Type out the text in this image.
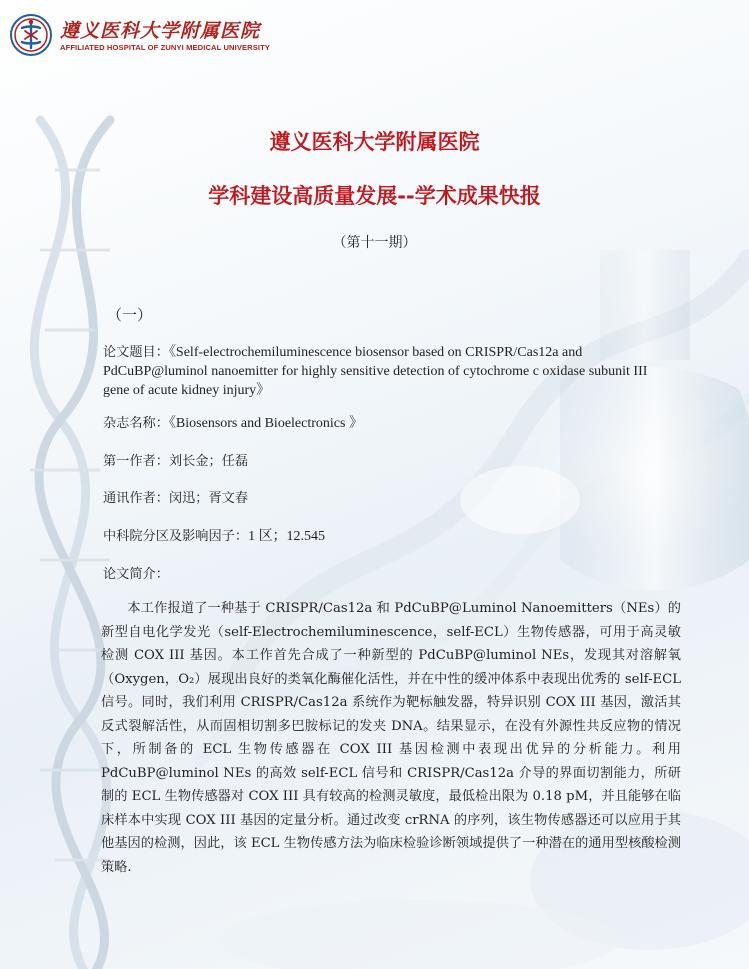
遵义医科大学附属医院
AFFILIATED HOSPITAL OF ZUNYI MEDICAL UNIVERSITY
遵义医科大学附属医院
学科建设高质量发展--学术成果快报
（第十一期）
（一）
论文题目：《Self-electrochemiluminescence biosensor based on CRISPR/Cas12a and PdCuBP@luminol nanoemitter for highly sensitive detection of cytochrome c oxidase subunit III gene of acute kidney injury》
杂志名称：《Biosensors and Bioelectronics 》
第一作者：刘长金；任磊
通讯作者：闵迅；胥文春
中科院分区及影响因子：1 区；12.545
论文简介：
本工作报道了一种基于 CRISPR/Cas12a 和 PdCuBP@Luminol Nanoemitters（NEs）的新型自电化学发光（self-Electrochemiluminescence，self-ECL）生物传感器，可用于高灵敏检测 COX III 基因。本工作首先合成了一种新型的 PdCuBP@luminol NEs，发现其对溶解氧（Oxygen，O₂）展现出良好的类氧化酶催化活性，并在中性的缓冲体系中表现出优秀的 self-ECL 信号。同时，我们利用 CRISPR/Cas12a 系统作为靶标触发器，特异识别 COX III 基因，激活其反式裂解活性，从而固相切割多巴胺标记的发夹 DNA。结果显示，在没有外源性共反应物的情况下，所制备的 ECL 生物传感器在 COX III 基因检测中表现出优异的分析能力。利用 PdCuBP@luminol NEs 的高效 self-ECL 信号和 CRISPR/Cas12a 介导的界面切割能力，所研制的 ECL 生物传感器对 COX III 具有较高的检测灵敏度，最低检出限为 0.18 pM，并且能够在临床样本中实现 COX III 基因的定量分析。通过改变 crRNA 的序列，该生物传感器还可以应用于其他基因的检测，因此，该 ECL 生物传感方法为临床检验诊断领域提供了一种潜在的通用型核酸检测策略.
